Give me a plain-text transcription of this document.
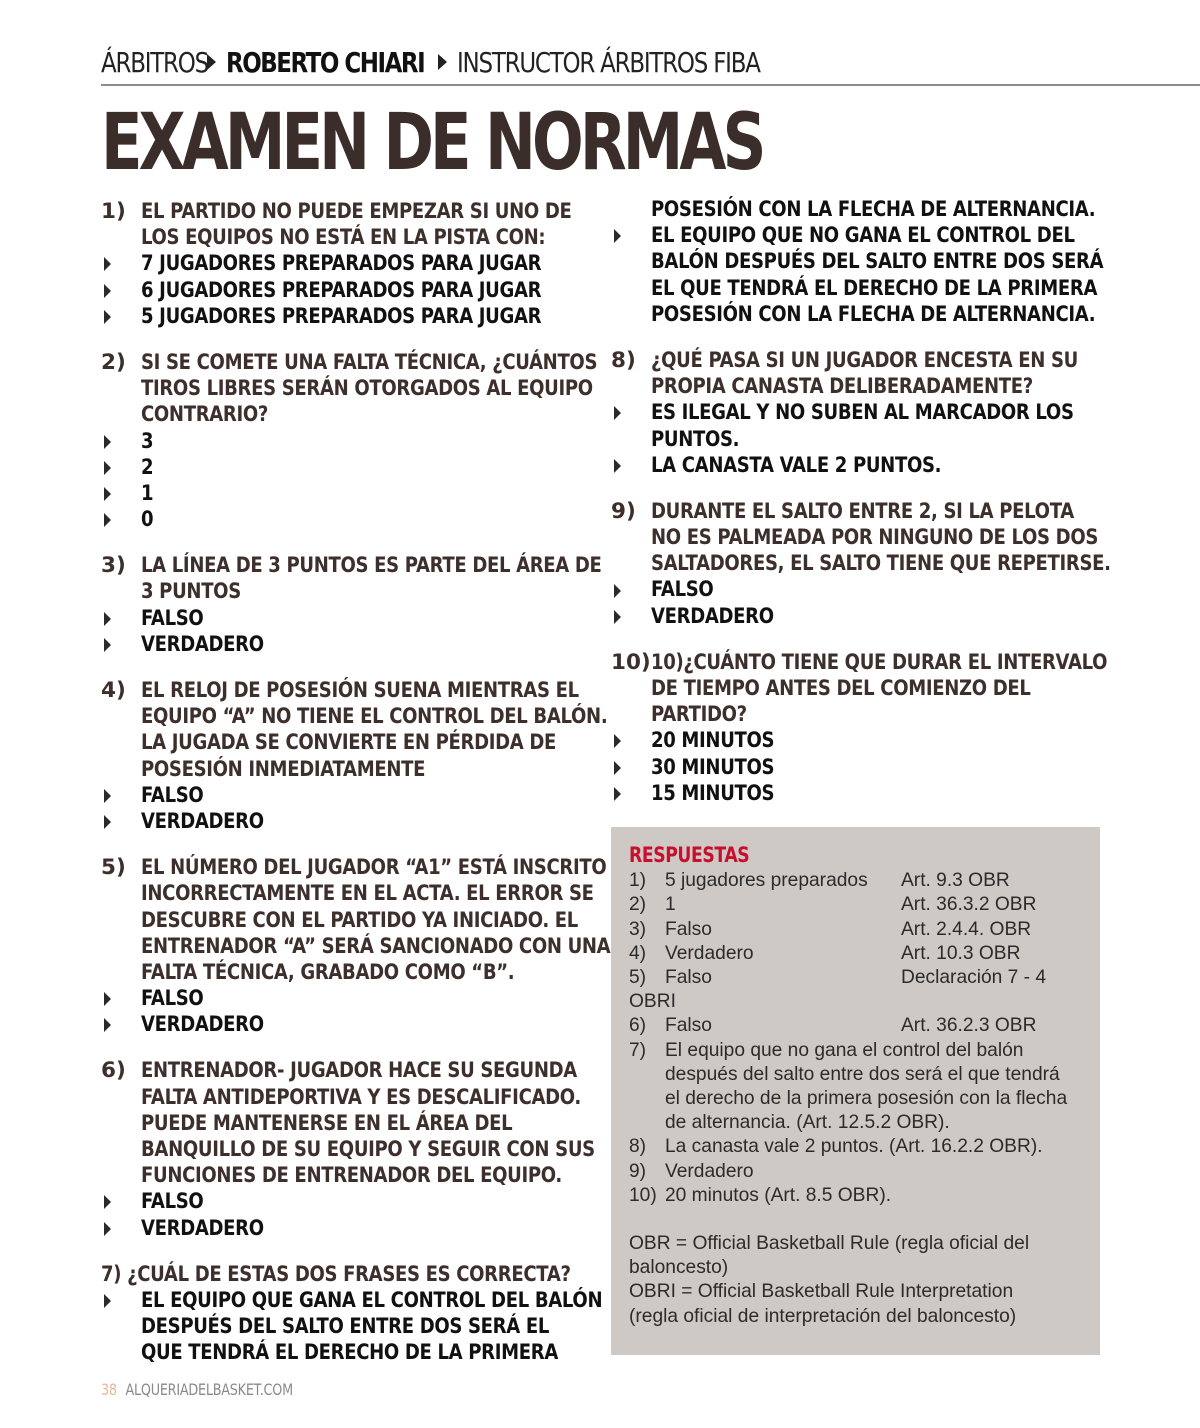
ÁRBITROS ROBERTO CHIARI INSTRUCTOR ÁRBITROS FIBA
EXAMEN DE NORMAS
1) EL PARTIDO NO PUEDE EMPEZAR SI UNO DE
LOS EQUIPOS NO ESTÁ EN LA PISTA CON:
7 JUGADORES PREPARADOS PARA JUGAR
6 JUGADORES PREPARADOS PARA JUGAR
5 JUGADORES PREPARADOS PARA JUGAR
2) SI SE COMETE UNA FALTA TÉCNICA, ¿CUÁNTOS
TIROS LIBRES SERÁN OTORGADOS AL EQUIPO
CONTRARIO?
3
2
1
0
3) LA LÍNEA DE 3 PUNTOS ES PARTE DEL ÁREA DE
3 PUNTOS
FALSO
VERDADERO
4) EL RELOJ DE POSESIÓN SUENA MIENTRAS EL
EQUIPO “A” NO TIENE EL CONTROL DEL BALÓN.
LA JUGADA SE CONVIERTE EN PÉRDIDA DE
POSESIÓN INMEDIATAMENTE
FALSO
VERDADERO
5) EL NÚMERO DEL JUGADOR “A1” ESTÁ INSCRITO
INCORRECTAMENTE EN EL ACTA. EL ERROR SE
DESCUBRE CON EL PARTIDO YA INICIADO. EL
ENTRENADOR “A” SERÁ SANCIONADO CON UNA
FALTA TÉCNICA, GRABADO COMO “B”.
FALSO
VERDADERO
6) ENTRENADOR- JUGADOR HACE SU SEGUNDA
FALTA ANTIDEPORTIVA Y ES DESCALIFICADO.
PUEDE MANTENERSE EN EL ÁREA DEL
BANQUILLO DE SU EQUIPO Y SEGUIR CON SUS
FUNCIONES DE ENTRENADOR DEL EQUIPO.
FALSO
VERDADERO
7) ¿CUÁL DE ESTAS DOS FRASES ES CORRECTA?
EL EQUIPO QUE GANA EL CONTROL DEL BALÓN
DESPUÉS DEL SALTO ENTRE DOS SERÁ EL
QUE TENDRÁ EL DERECHO DE LA PRIMERA
POSESIÓN CON LA FLECHA DE ALTERNANCIA.
EL EQUIPO QUE NO GANA EL CONTROL DEL
BALÓN DESPUÉS DEL SALTO ENTRE DOS SERÁ
EL QUE TENDRÁ EL DERECHO DE LA PRIMERA
POSESIÓN CON LA FLECHA DE ALTERNANCIA.
8) ¿QUÉ PASA SI UN JUGADOR ENCESTA EN SU
PROPIA CANASTA DELIBERADAMENTE?
ES ILEGAL Y NO SUBEN AL MARCADOR LOS
PUNTOS.
LA CANASTA VALE 2 PUNTOS.
9) DURANTE EL SALTO ENTRE 2, SI LA PELOTA
NO ES PALMEADA POR NINGUNO DE LOS DOS
SALTADORES, EL SALTO TIENE QUE REPETIRSE.
FALSO
VERDADERO
10) 10)¿CUÁNTO TIENE QUE DURAR EL INTERVALO
DE TIEMPO ANTES DEL COMIENZO DEL
PARTIDO?
20 MINUTOS
30 MINUTOS
15 MINUTOS
RESPUESTAS
1) 5 jugadores preparados	Art. 9.3 OBR
2) 1	Art. 36.3.2 OBR
3) Falso	Art. 2.4.4. OBR
4) Verdadero	Art. 10.3 OBR
5) Falso	Declaración 7 - 4
OBRI
6) Falso	Art. 36.2.3 OBR
7) El equipo que no gana el control del balón
después del salto entre dos será el que tendrá
el derecho de la primera posesión con la flecha
de alternancia. (Art. 12.5.2 OBR).
8) La canasta vale 2 puntos. (Art. 16.2.2 OBR).
9) Verdadero
10) 20 minutos (Art. 8.5 OBR).
OBR = Official Basketball Rule (regla oficial del
baloncesto)
OBRI = Official Basketball Rule Interpretation
(regla oficial de interpretación del baloncesto)
38 ALQUERIADELBASKET.COM
